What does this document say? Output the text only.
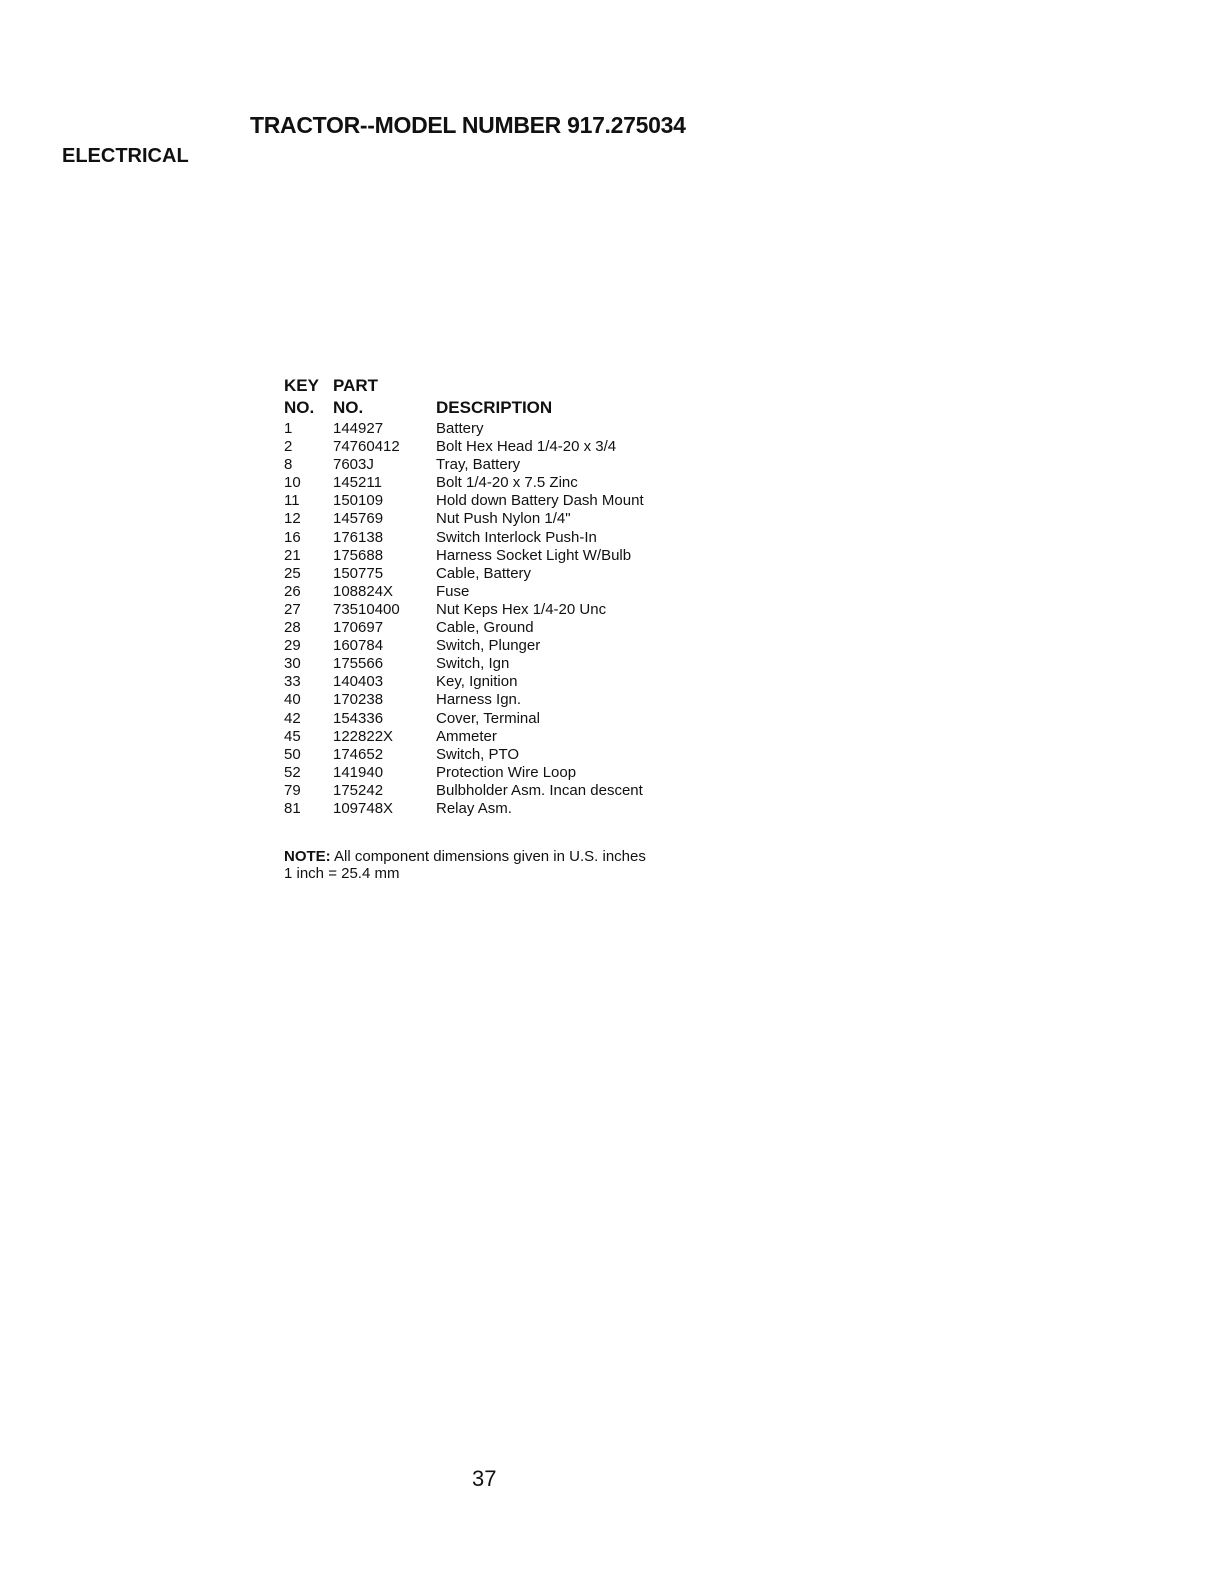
TRACTOR--MODEL NUMBER 917.275034
ELECTRICAL
KEY PART
NO. NO.	DESCRIPTION
1	144927	Battery
2	74760412 Bolt Hex Head 1/4-20 x 3/4
8	7603J	Tray, Battery
10 145211	Bolt 1/4-20 x 7.5 Zinc
11 150109	Hold down Battery Dash Mount
12 145769	Nut Push Nylon 1/4"
16 176138	Switch Interlock Push-In
21 175688	Harness Socket Light W/Bulb
25 150775	Cable, Battery
26 108824X	Fuse
27 73510400 Nut Keps Hex 1/4-20 Unc
28 170697	Cable, Ground
29 160784	Switch, Plunger
30 175566	Switch, Ign
33 140403	Key, Ignition
40 170238	Harness Ign.
42 154336	Cover, Terminal
45 122822X	Ammeter
50 174652	Switch, PTO
52 141940	Protection Wire Loop
79 175242	Bulbholder Asm. Incan descent
81 109748X	Relay Asm.
NOTE: All component dimensions given in U.S. inches
1 inch = 25.4 mm
37
